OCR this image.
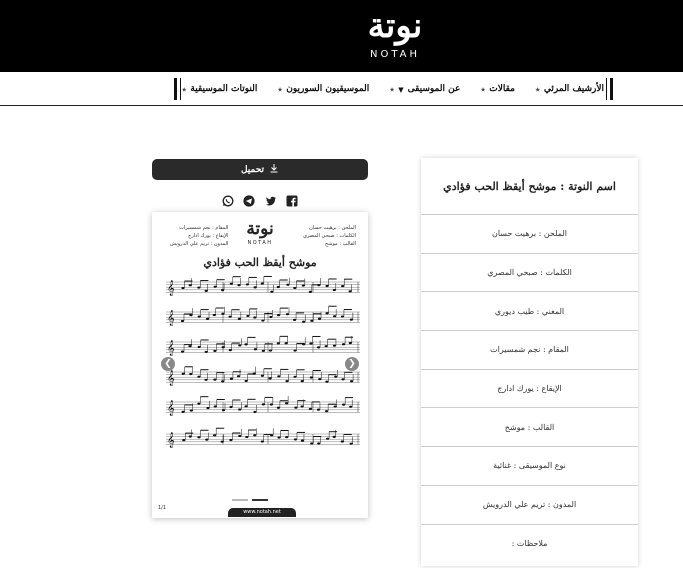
نوتة
NOTAH
النوتات الموسيقية
٭	الموسيقيون السوريون
٭	عن الموسيقى
▼
٭	مقالات
٭	الأرشيف المرئي
٭
تحميل
نوتة
NOTAH
الملحن : برهيت حسان
الكلمات : صبحي المصري
القالب : موشح
المقام : نجم شمسيرات
الإيقاع : يورك ادارج
المدون : تريم علي الدرويش
موشح أيقظ الحب فؤادي
𝄞
𝄞
𝄞
𝄞
𝄞
𝄞
❮	❯
1/1
www.notah.net
اسم النوتة : موشح أيقظ الحب فؤادي
الملحن : برهيت حسان
الكلمات : صبحي المصري
المغني : طيب ديوري
المقام : نجم شمسيرات
الإيقاع : يورك ادارج
القالب : موشح
نوع الموسيقى : غنائية
المدون : تريم علي الدرويش
ملاحظات :
